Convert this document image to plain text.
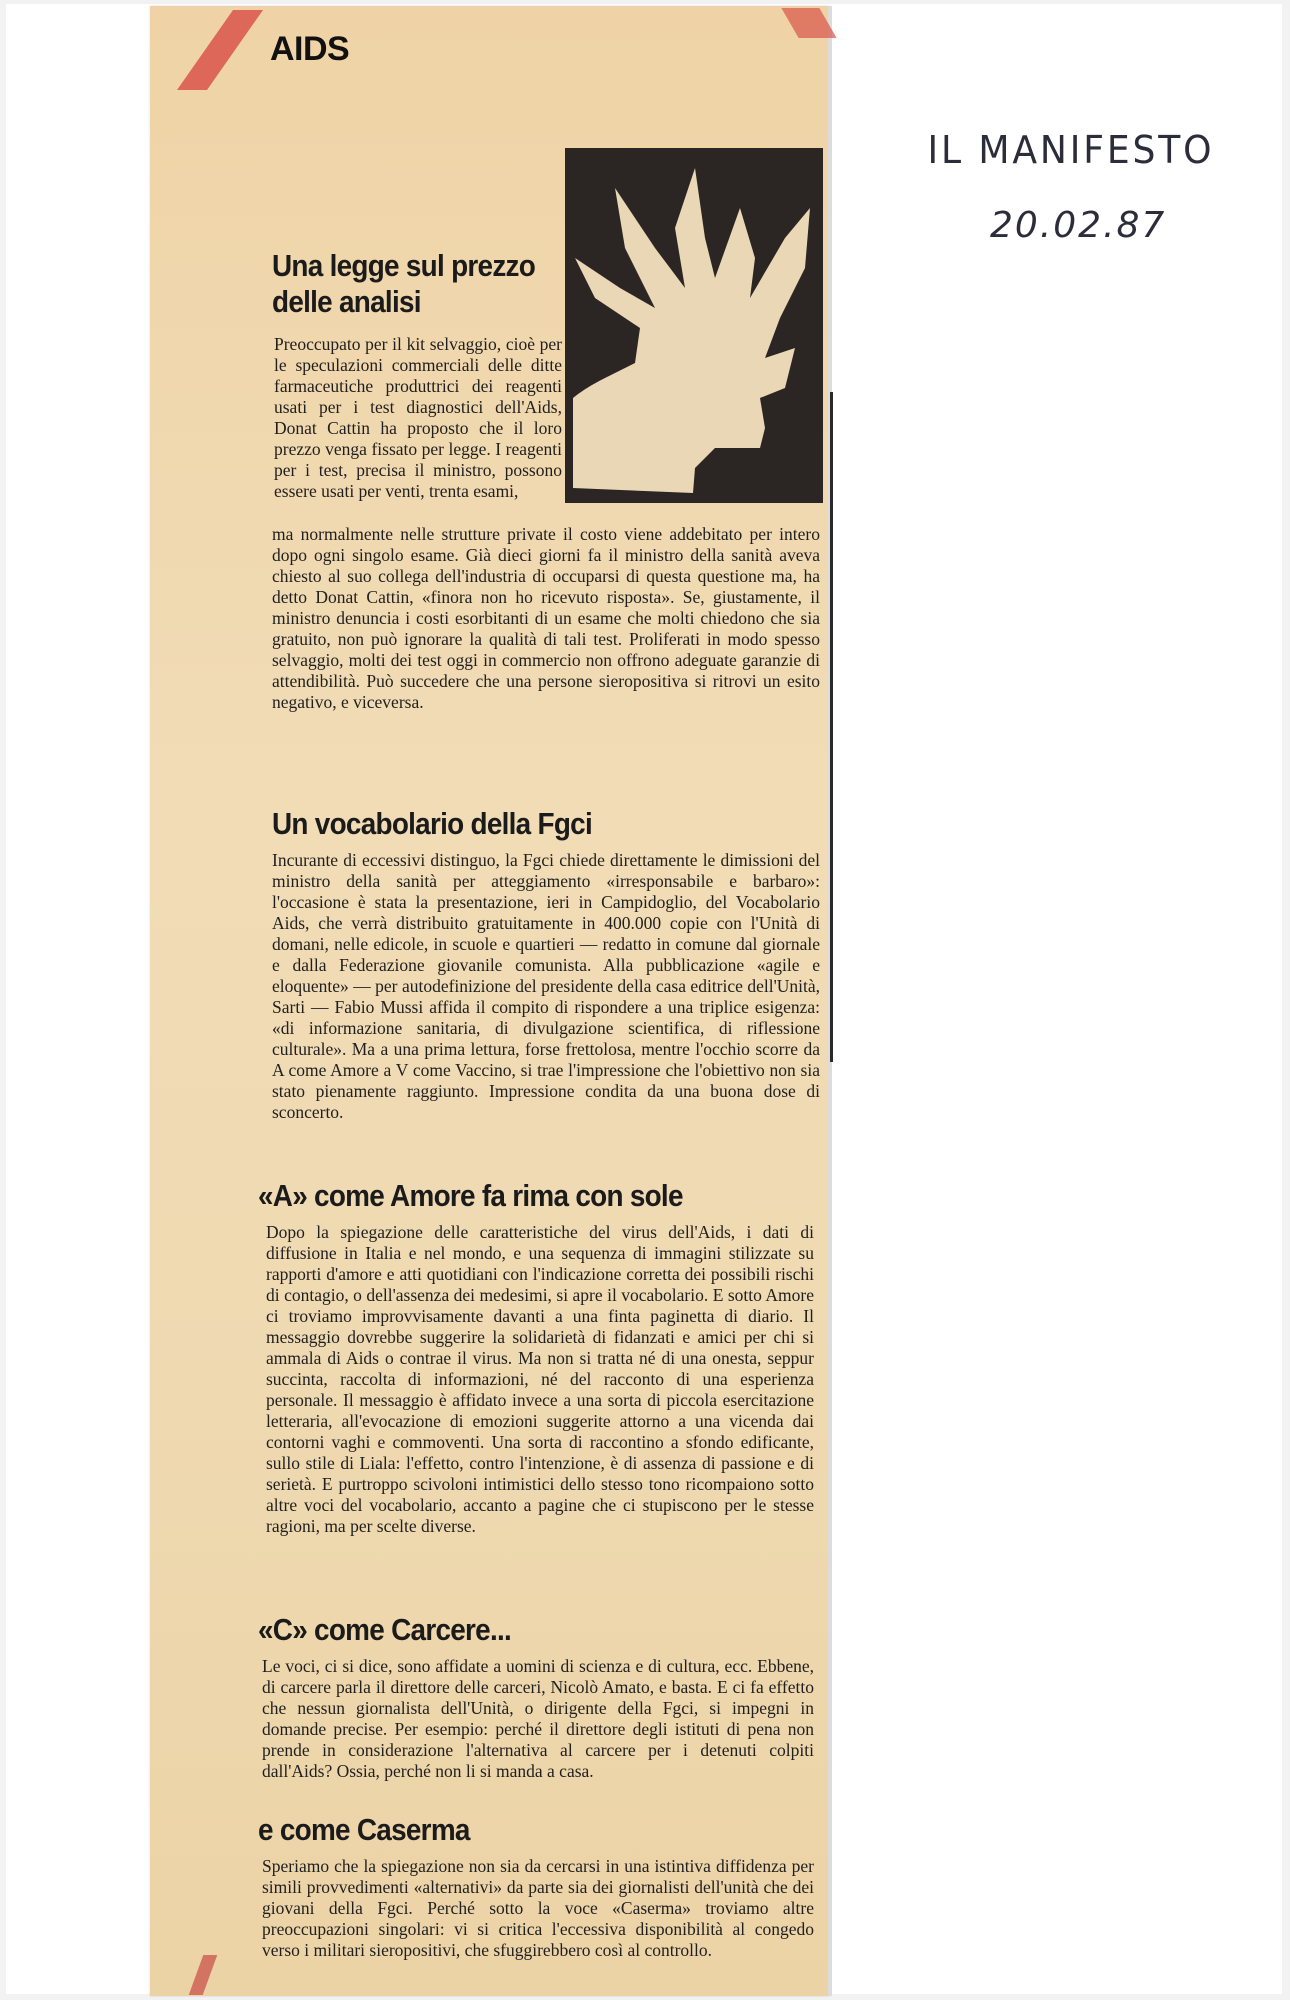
AIDS
IL MANIFESTO
20.02.87
Una legge sul prezzo delle analisi

Preoccupato per il kit selvaggio, cioè per le speculazioni commerciali delle ditte farmaceutiche produttrici dei reagenti usati per i test diagnostici dell'Aids, Donat Cattin ha proposto che il loro prezzo venga fissato per legge. I reagenti per i test, precisa il ministro, possono essere usati per venti, trenta esami,

ma normalmente nelle strutture private il costo viene addebitato per intero dopo ogni singolo esame. Già dieci giorni fa il ministro della sanità aveva chiesto al suo collega dell'industria di occuparsi di questa questione ma, ha detto Donat Cattin, «finora non ho ricevuto risposta». Se, giustamente, il ministro denuncia i costi esorbitanti di un esame che molti chiedono che sia gratuito, non può ignorare la qualità di tali test. Proliferati in modo spesso selvaggio, molti dei test oggi in commercio non offrono adeguate garanzie di attendibilità. Può succedere che una persone sieropositiva si ritrovi un esito negativo, e viceversa.

Un vocabolario della Fgci

Incurante di eccessivi distinguo, la Fgci chiede direttamente le dimissioni del ministro della sanità per atteggiamento «irresponsabile e barbaro»: l'occasione è stata la presentazione, ieri in Campidoglio, del Vocabolario Aids, che verrà distribuito gratuitamente in 400.000 copie con l'Unità di domani, nelle edicole, in scuole e quartieri — redatto in comune dal giornale e dalla Federazione giovanile comunista. Alla pubblicazione «agile e eloquente» — per autodefinizione del presidente della casa editrice dell'Unità, Sarti — Fabio Mussi affida il compito di rispondere a una triplice esigenza: «di informazione sanitaria, di divulgazione scientifica, di riflessione culturale». Ma a una prima lettura, forse frettolosa, mentre l'occhio scorre da A come Amore a V come Vaccino, si trae l'impressione che l'obiettivo non sia stato pienamente raggiunto. Impressione condita da una buona dose di sconcerto.

«A» come Amore fa rima con sole

Dopo la spiegazione delle caratteristiche del virus dell'Aids, i dati di diffusione in Italia e nel mondo, e una sequenza di immagini stilizzate su rapporti d'amore e atti quotidiani con l'indicazione corretta dei possibili rischi di contagio, o dell'assenza dei medesimi, si apre il vocabolario. E sotto Amore ci troviamo improvvisamente davanti a una finta paginetta di diario. Il messaggio dovrebbe suggerire la solidarietà di fidanzati e amici per chi si ammala di Aids o contrae il virus. Ma non si tratta né di una onesta, seppur succinta, raccolta di informazioni, né del racconto di una esperienza personale. Il messaggio è affidato invece a una sorta di piccola esercitazione letteraria, all'evocazione di emozioni suggerite attorno a una vicenda dai contorni vaghi e commoventi. Una sorta di raccontino a sfondo edificante, sullo stile di Liala: l'effetto, contro l'intenzione, è di assenza di passione e di serietà. E purtroppo scivoloni intimistici dello stesso tono ricompaiono sotto altre voci del vocabolario, accanto a pagine che ci stupiscono per le stesse ragioni, ma per scelte diverse.

«C» come Carcere...

Le voci, ci si dice, sono affidate a uomini di scienza e di cultura, ecc. Ebbene, di carcere parla il direttore delle carceri, Nicolò Amato, e basta. E ci fa effetto che nessun giornalista dell'Unità, o dirigente della Fgci, si impegni in domande precise. Per esempio: perché il direttore degli istituti di pena non prende in considerazione l'alternativa al carcere per i detenuti colpiti dall'Aids? Ossia, perché non li si manda a casa.

e come Caserma

Speriamo che la spiegazione non sia da cercarsi in una istintiva diffidenza per simili provvedimenti «alternativi» da parte sia dei giornalisti dell'unità che dei giovani della Fgci. Perché sotto la voce «Caserma» troviamo altre preoccupazioni singolari: vi si critica l'eccessiva disponibilità al congedo verso i militari sieropositivi, che sfuggirebbero così al controllo.
